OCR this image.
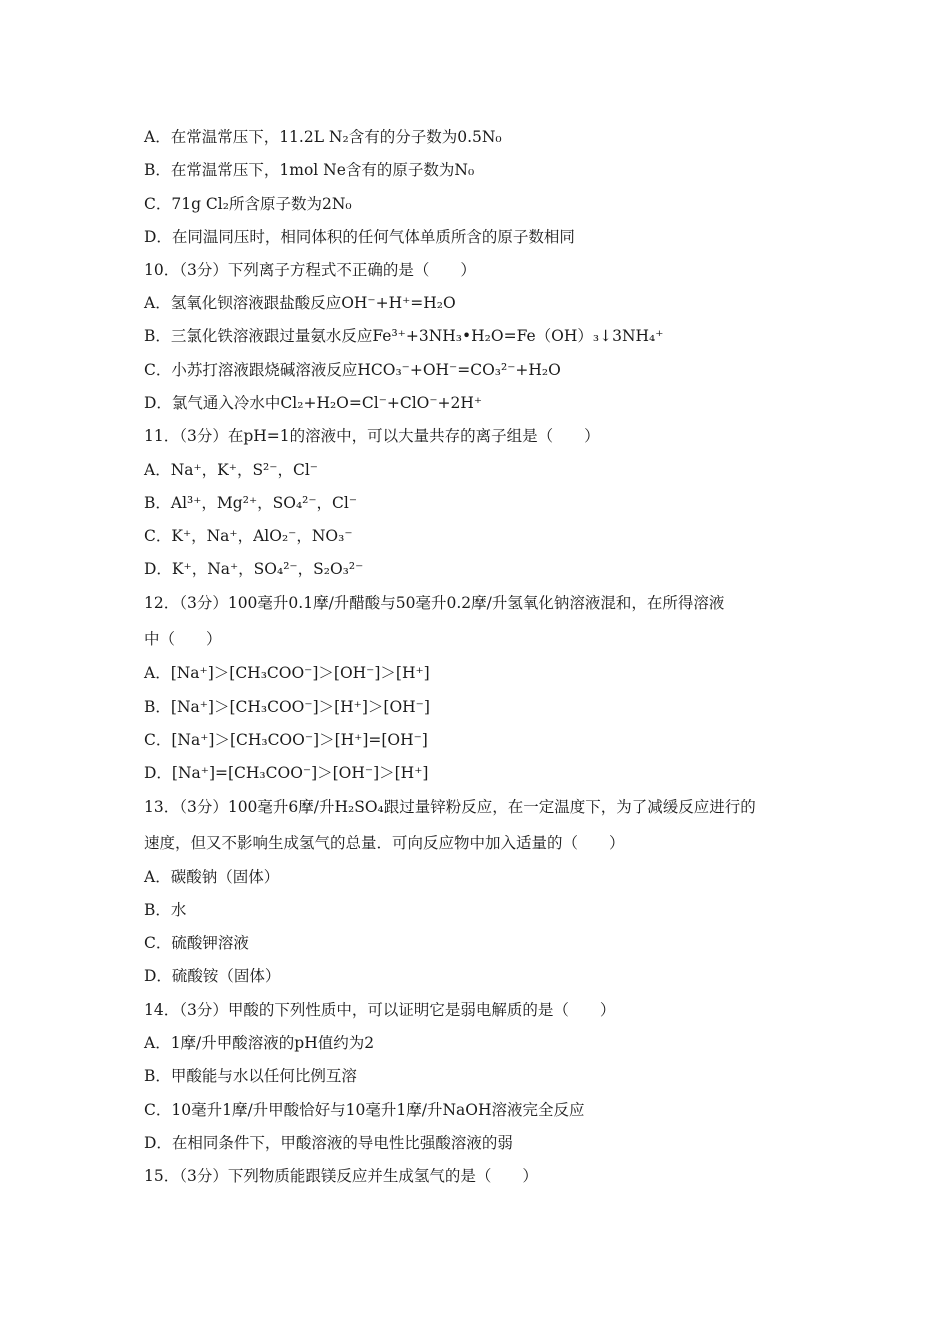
A．在常温常压下，11.2L N₂含有的分子数为0.5N₀
B．在常温常压下，1mol Ne含有的原子数为N₀
C．71g Cl₂所含原子数为2N₀
D．在同温同压时，相同体积的任何气体单质所含的原子数相同
10．（3分）下列离子方程式不正确的是（　　）
A．氢氧化钡溶液跟盐酸反应OH⁻+H⁺=H₂O
B．三氯化铁溶液跟过量氨水反应Fe³⁺+3NH₃•H₂O=Fe（OH）₃↓3NH₄⁺
C．小苏打溶液跟烧碱溶液反应HCO₃⁻+OH⁻=CO₃²⁻+H₂O
D．氯气通入冷水中Cl₂+H₂O=Cl⁻+ClO⁻+2H⁺
11．（3分）在pH=1的溶液中，可以大量共存的离子组是（　　）
A．Na⁺，K⁺，S²⁻，Cl⁻
B．Al³⁺，Mg²⁺，SO₄²⁻，Cl⁻
C．K⁺，Na⁺，AlO₂⁻，NO₃⁻
D．K⁺，Na⁺，SO₄²⁻，S₂O₃²⁻
12．（3分）100毫升0.1摩/升醋酸与50毫升0.2摩/升氢氧化钠溶液混和，在所得溶液
中（　　）
A．[Na⁺]＞[CH₃COO⁻]＞[OH⁻]＞[H⁺]
B．[Na⁺]＞[CH₃COO⁻]＞[H⁺]＞[OH⁻]
C．[Na⁺]＞[CH₃COO⁻]＞[H⁺]=[OH⁻]
D．[Na⁺]=[CH₃COO⁻]＞[OH⁻]＞[H⁺]
13．（3分）100毫升6摩/升H₂SO₄跟过量锌粉反应，在一定温度下，为了减缓反应进行的
速度，但又不影响生成氢气的总量．可向反应物中加入适量的（　　）
A．碳酸钠（固体）
B．水
C．硫酸钾溶液
D．硫酸铵（固体）
14．（3分）甲酸的下列性质中，可以证明它是弱电解质的是（　　）
A．1摩/升甲酸溶液的pH值约为2
B．甲酸能与水以任何比例互溶
C．10毫升1摩/升甲酸恰好与10毫升1摩/升NaOH溶液完全反应
D．在相同条件下，甲酸溶液的导电性比强酸溶液的弱
15．（3分）下列物质能跟镁反应并生成氢气的是（　　）
